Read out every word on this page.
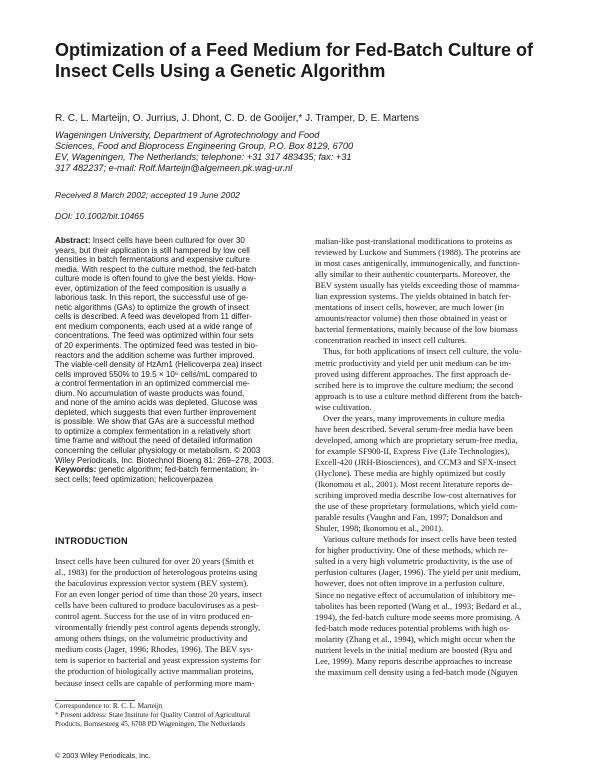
Optimization of a Feed Medium for Fed-Batch Culture of Insect Cells Using a Genetic Algorithm
R. C. L. Marteijn, O. Jurrius, J. Dhont, C. D. de Gooijer,* J. Tramper, D. E. Martens
Wageningen University, Department of Agrotechnology and Food
Sciences, Food and Bioprocess Engineering Group, P.O. Box 8129, 6700
EV, Wageningen, The Netherlands; telephone: +31 317 483435; fax: +31
317 482237; e-mail: Rolf.Marteijn@algemeen.pk.wag-ur.nl
Received 8 March 2002; accepted 19 June 2002
DOI: 10.1002/bit.10465
Abstract: Insect cells have been cultured for over 30
years, but their application is still hampered by low cell
densities in batch fermentations and expensive culture
media. With respect to the culture method, the fed-batch
culture mode is often found to give the best yields. How-
ever, optimization of the feed composition is usually a
laborious task. In this report, the successful use of ge-
netic algorithms (GAs) to optimize the growth of insect
cells is described. A feed was developed from 11 differ-
ent medium components, each used at a wide range of
concentrations. The feed was optimized within four sets
of 20 experiments. The optimized feed was tested in bio-
reactors and the addition scheme was further improved.
The viable-cell density of HzAm1 (Helicoverpa zea) insect
cells improved 550% to 19.5 × 10⁶ cells/mL compared to
a control fermentation in an optimized commercial me-
dium. No accumulation of waste products was found,
and none of the amino acids was depleted. Glucose was
depleted, which suggests that even further improvement
is possible. We show that GAs are a successful method
to optimize a complex fermentation in a relatively short
time frame and without the need of detailed information
concerning the cellular physiology or metabolism. © 2003
Wiley Periodicals, Inc. Biotechnol Bioeng 81: 269–278, 2003.
Keywords: genetic algorithm; fed-batch fermentation; in-
sect cells; feed optimization; helicoverpazea
INTRODUCTION
Insect cells have been cultured for over 20 years (Smith et
al., 1983) for the production of heterologous proteins using
the baculovirus expression vector system (BEV system).
For an even longer period of time than those 20 years, insect
cells have been cultured to produce baculoviruses as a pest-
control agent. Success for the use of in vitro produced en-
vironmentally friendly pest control agents depends strongly,
among others things, on the volumetric productivity and
medium costs (Jager, 1996; Rhodes, 1996). The BEV sys-
tem is superior to bacterial and yeast expression systems for
the production of biologically active mammalian proteins,
because insect cells are capable of performing more mam-
Correspondence to: R. C. L. Marteijn
* Present address: State Institute for Quality Control of Agricultural
Products, Bornsesteeg 45, 6708 PD Wageningen, The Netherlands
malian-like post-translational modifications to proteins as
reviewed by Luckow and Summers (1988). The proteins are
in most cases antigenically, immunogenically, and function-
ally similar to their authentic counterparts. Moreover, the
BEV system usually has yields exceeding those of mamma-
lian expression systems. The yields obtained in batch fer-
mentations of insect cells, however, are much lower (in
amounts/reactor volume) then those obtained in yeast or
bacterial fermentations, mainly because of the low biomass
concentration reached in insect cell cultures.
Thus, for both applications of insect cell culture, the volu-
metric productivity and yield per unit medium can be im-
proved using different approaches. The first approach de-
scribed here is to improve the culture medium; the second
approach is to use a culture method different from the batch-
wise cultivation.
Over the years, many improvements in culture media
have been described. Several serum-free media have been
developed, among which are proprietary serum-free media,
for example SF900-II, Express Five (Life Technologies),
Excell-420 (JRH-Biosciences), and CCM3 and SFX-insect
(Hyclone). These media are highly optimized but costly
(Ikonomou et al., 2001). Most recent literature reports de-
scribing improved media describe low-cost alternatives for
the use of these proprietary formulations, which yield com-
parable results (Vaughn and Fan, 1997; Donaldson and
Shuler, 1998; Ikonomou et al., 2001).
Various culture methods for insect cells have been tested
for higher productivity. One of these methods, which re-
sulted in a very high volumetric productivity, is the use of
perfusion cultures (Jager, 1996). The yield per unit medium,
however, does not often improve in a perfusion culture.
Since no negative effect of accumulation of inhibitory me-
tabolites has been reported (Wang et al., 1993; Bedard et al.,
1994), the fed-batch culture mode seems more promising. A
fed-batch mode reduces potential problems with high os-
molarity (Zhang et al., 1994), which might occur when the
nutrient levels in the initial medium are boosted (Ryu and
Lee, 1999). Many reports describe approaches to increase
the maximum cell density using a fed-batch mode (Nguyen
© 2003 Wiley Periodicals, Inc.
